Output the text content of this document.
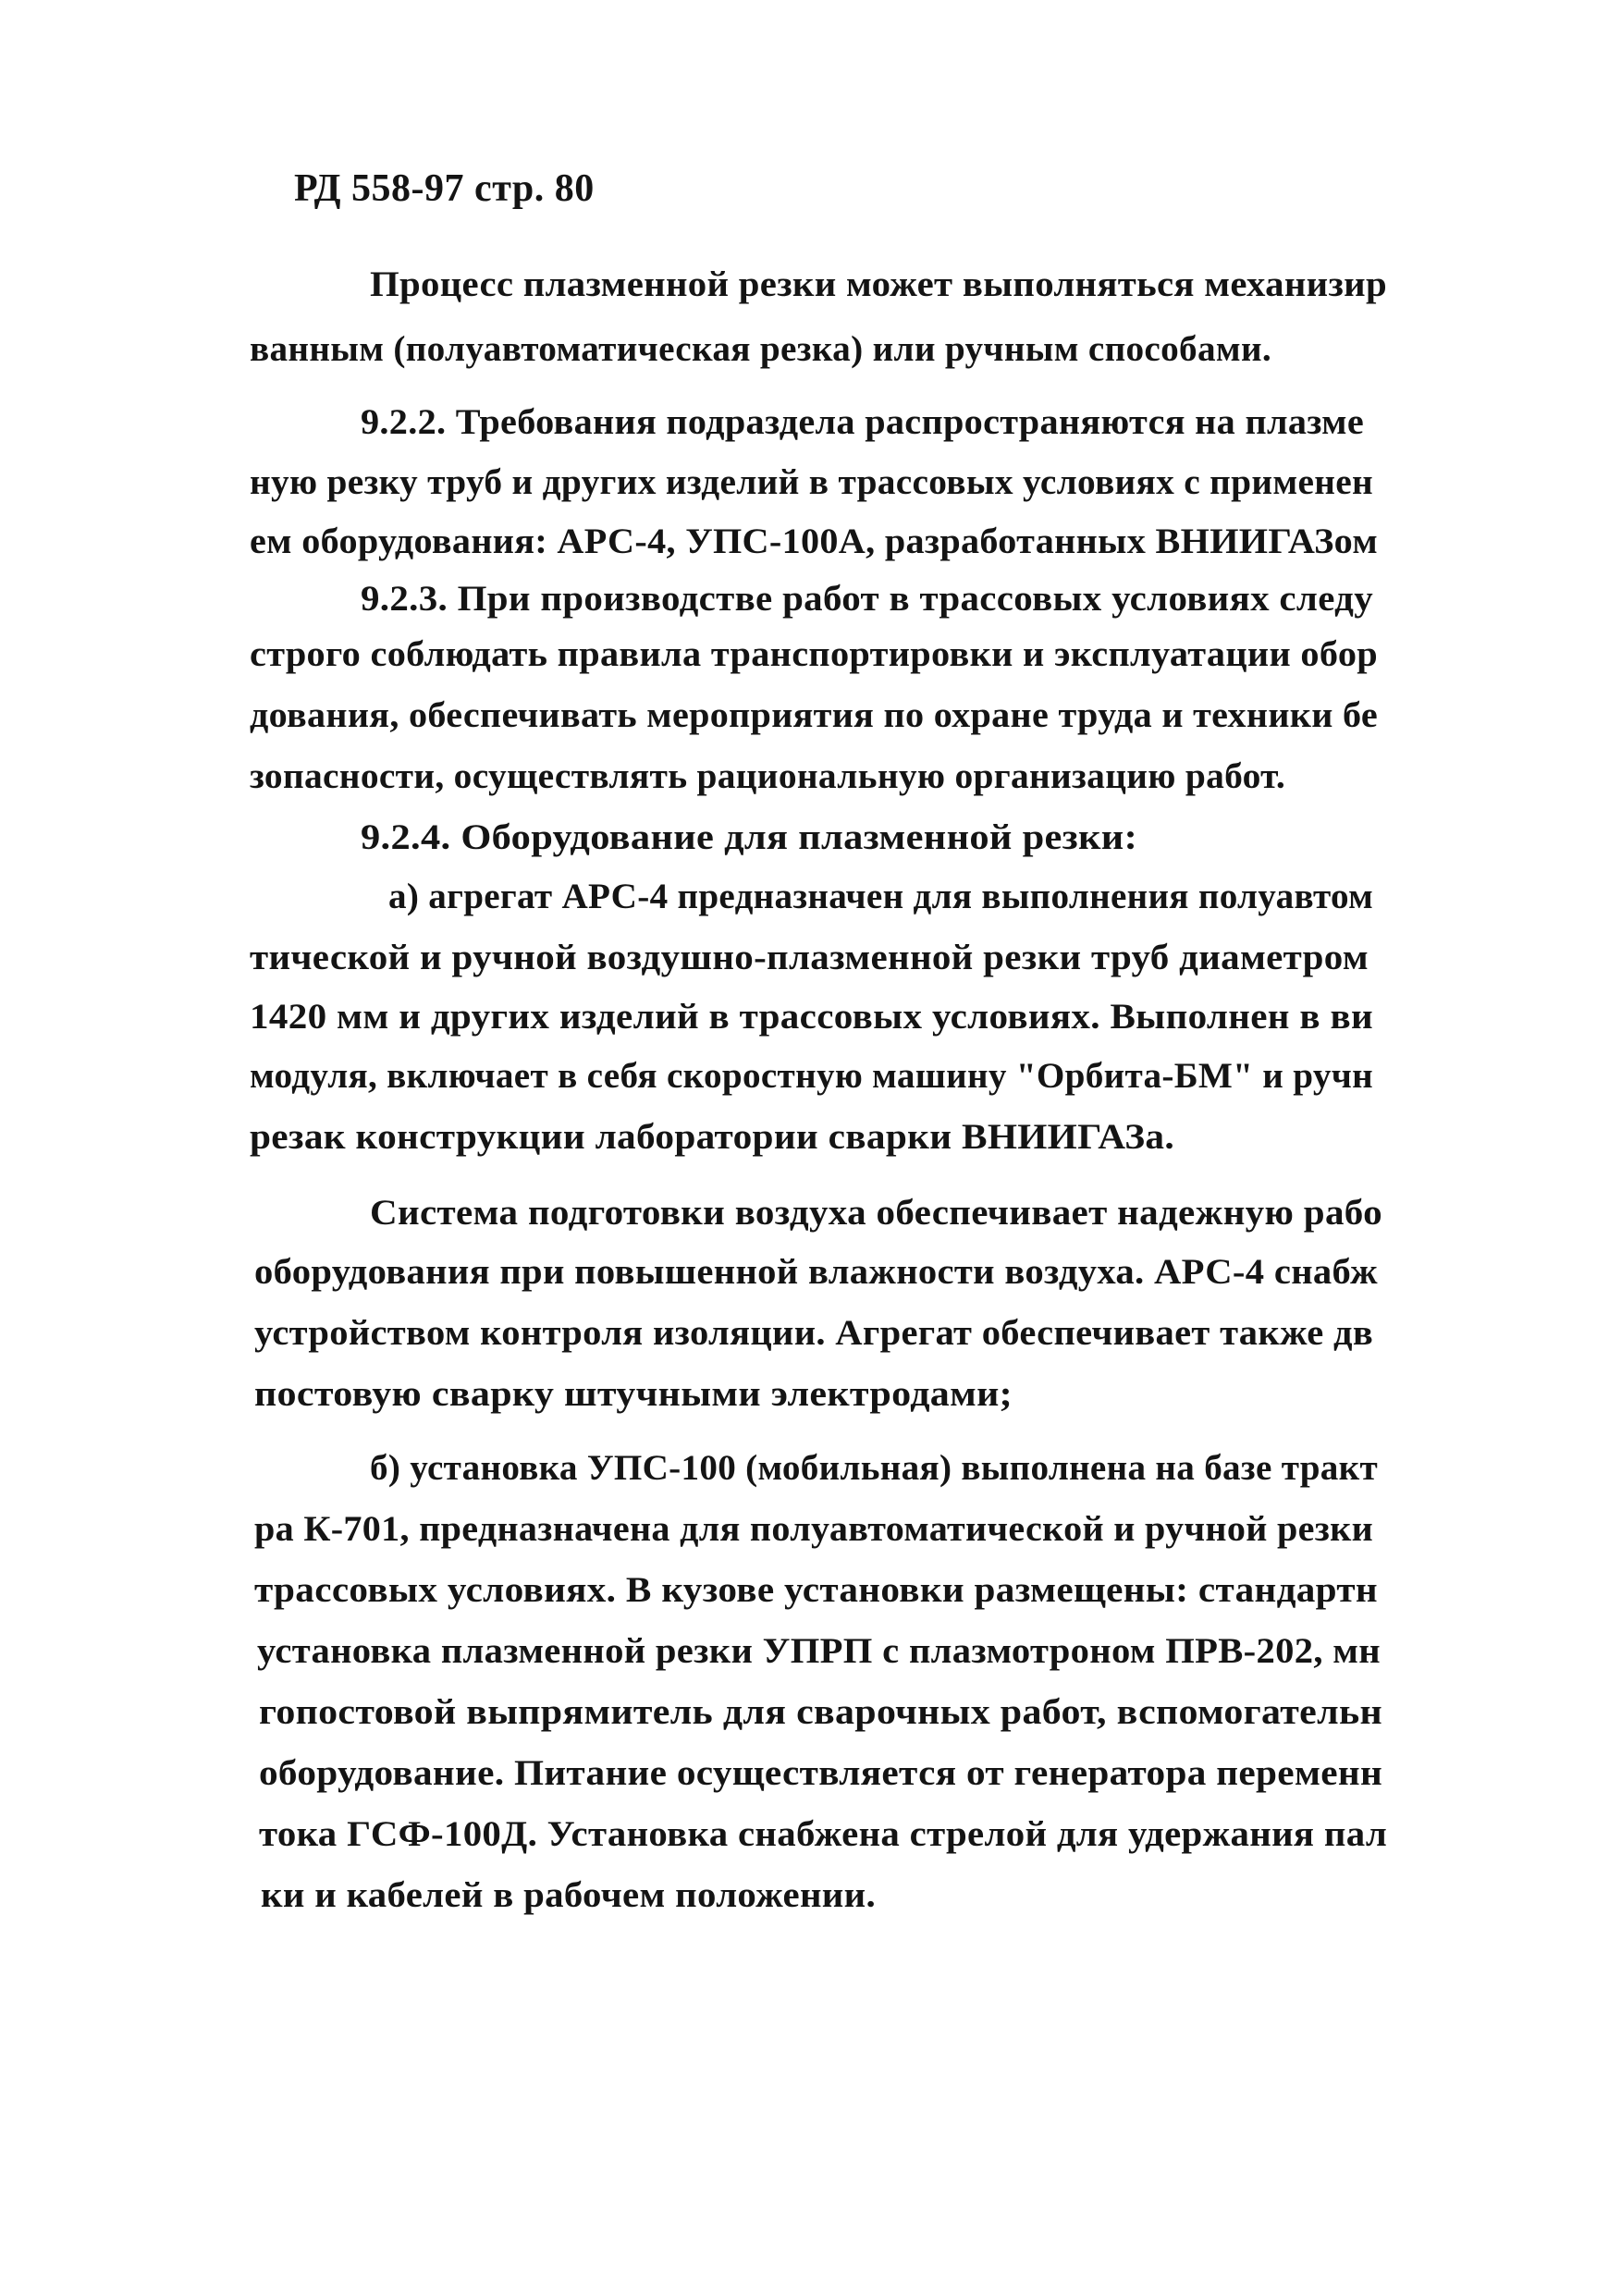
РД 558-97 стр. 80
Процесс плазменной резки может выполняться механизир
ванным (полуавтоматическая резка) или ручным способами.
9.2.2. Требования подраздела распространяются на плазме
ную резку труб и других изделий в трассовых условиях с применен
ем оборудования: АРС-4, УПС-100А, разработанных ВНИИГАЗом
9.2.3. При производстве работ в трассовых условиях следу
строго соблюдать правила транспортировки и эксплуатации обор
дования, обеспечивать мероприятия по охране труда и техники бе
зопасности, осуществлять рациональную организацию работ.
9.2.4. Оборудование для плазменной резки:
а) агрегат АРС-4 предназначен для выполнения полуавтом
тической и ручной воздушно-плазменной резки труб диаметром
1420 мм и других изделий в трассовых условиях. Выполнен в ви
модуля, включает в себя скоростную машину "Орбита-БМ" и ручн
резак конструкции лаборатории сварки ВНИИГАЗа.
Система подготовки воздуха обеспечивает надежную рабо
оборудования при повышенной влажности воздуха. АРС-4 снабж
устройством контроля изоляции. Агрегат обеспечивает также дв
постовую сварку штучными электродами;
б) установка УПС-100 (мобильная) выполнена на базе тракт
ра К-701, предназначена для полуавтоматической и ручной резки
трассовых условиях. В кузове установки размещены: стандартн
установка плазменной резки УПРП с плазмотроном ПРВ-202, мн
гопостовой выпрямитель для сварочных работ, вспомогательн
оборудование. Питание осуществляется от генератора переменн
тока ГСФ-100Д. Установка снабжена стрелой для удержания пал
ки и кабелей в рабочем положении.
